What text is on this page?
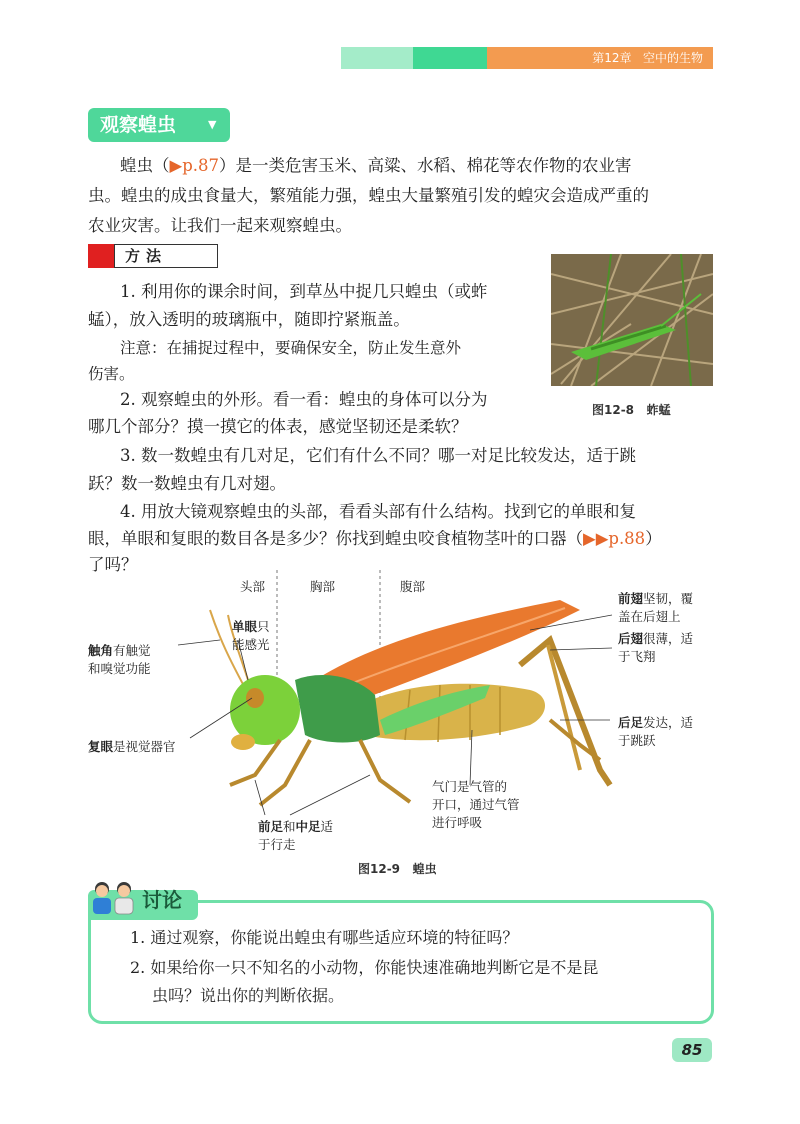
第12章 空中的生物
观察蝗虫	▼
蝗虫（▶p.87）是一类危害玉米、高粱、水稻、棉花等农作物的农业害
虫。蝗虫的成虫食量大，繁殖能力强，蝗虫大量繁殖引发的蝗灾会造成严重的
农业灾害。让我们一起来观察蝗虫。
方法
1. 利用你的课余时间，到草丛中捉几只蝗虫（或蚱
蜢），放入透明的玻璃瓶中，随即拧紧瓶盖。
注意：在捕捉过程中，要确保安全，防止发生意外
伤害。
2. 观察蝗虫的外形。看一看：蝗虫的身体可以分为
哪几个部分？摸一摸它的体表，感觉坚韧还是柔软？
3. 数一数蝗虫有几对足，它们有什么不同？哪一对足比较发达，适于跳
跃？数一数蝗虫有几对翅。
4. 用放大镜观察蝗虫的头部，看看头部有什么结构。找到它的单眼和复
眼，单眼和复眼的数目各是多少？你找到蝗虫咬食植物茎叶的口器（▶▶p.88）
了吗？
图12-8 蚱蜢
头部	胸部	腹部
单眼只
能感光
触角有触觉
和嗅觉功能
复眼是视觉器官
前翅坚韧，覆
盖在后翅上
后翅很薄，适
于飞翔
后足发达，适
于跳跃
气门是气管的
开口，通过气管
进行呼吸
前足和中足适
于行走
图12-9 蝗虫
讨论
1. 通过观察，你能说出蝗虫有哪些适应环境的特征吗？
2. 如果给你一只不知名的小动物，你能快速准确地判断它是不是昆
虫吗？说出你的判断依据。
85
